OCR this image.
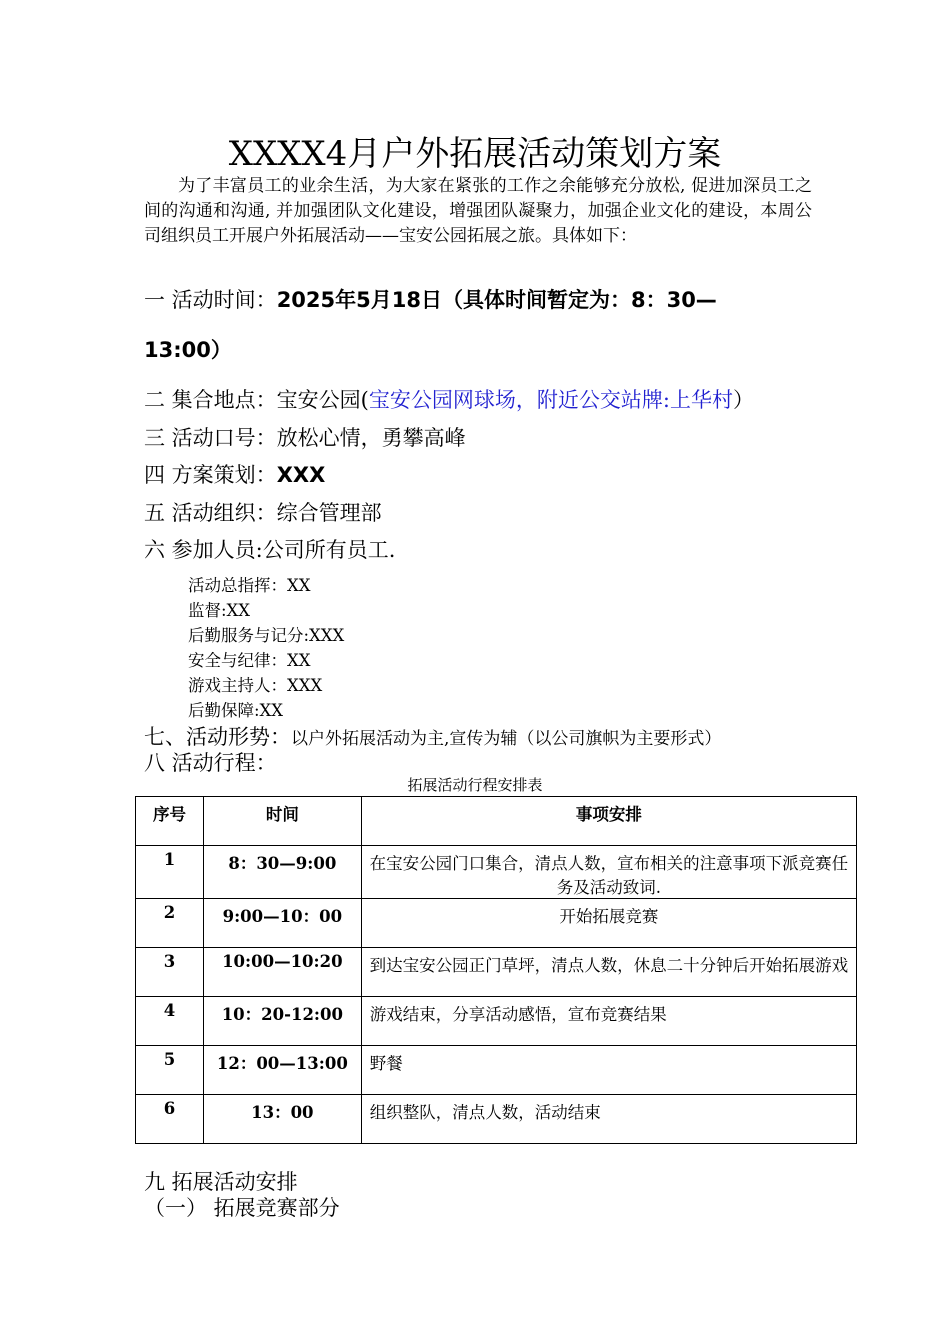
XXXX4月户外拓展活动策划方案

为了丰富员工的业余生活，为大家在紧张的工作之余能够充分放松, 促进加深员工之间的沟通和沟通, 并加强团队文化建设，增强团队凝聚力，加强企业文化的建设，本周公司组织员工开展户外拓展活动——宝安公园拓展之旅。具体如下：

一 活动时间：2025年5月18日（具体时间暂定为：8：30—
13:00）
二 集合地点：宝安公园(宝安公园网球场，附近公交站牌:上华村）
三 活动口号：放松心情，勇攀高峰
四 方案策划：XXX
五 活动组织：综合管理部
六 参加人员:公司所有员工.
活动总指挥：XX
监督:XX
后勤服务与记分:XXX
安全与纪律：XX
游戏主持人：XXX
后勤保障:XX
七、活动形势：以户外拓展活动为主,宣传为辅（以公司旗帜为主要形式）
八 活动行程：
拓展活动行程安排表
序号	时间	事项安排
1	8：30—9:00	在宝安公园门口集合，清点人数，宣布相关的注意事项下派竞赛任务及活动致词.
2	9:00—10：00	开始拓展竞赛
3	10:00—10:20	到达宝安公园正门草坪，清点人数，休息二十分钟后开始拓展游戏
4	10：20-12:00	游戏结束，分享活动感悟，宣布竞赛结果
5	12：00—13:00	野餐
6	13：00	组织整队，清点人数，活动结束
九 拓展活动安排
（一） 拓展竞赛部分
